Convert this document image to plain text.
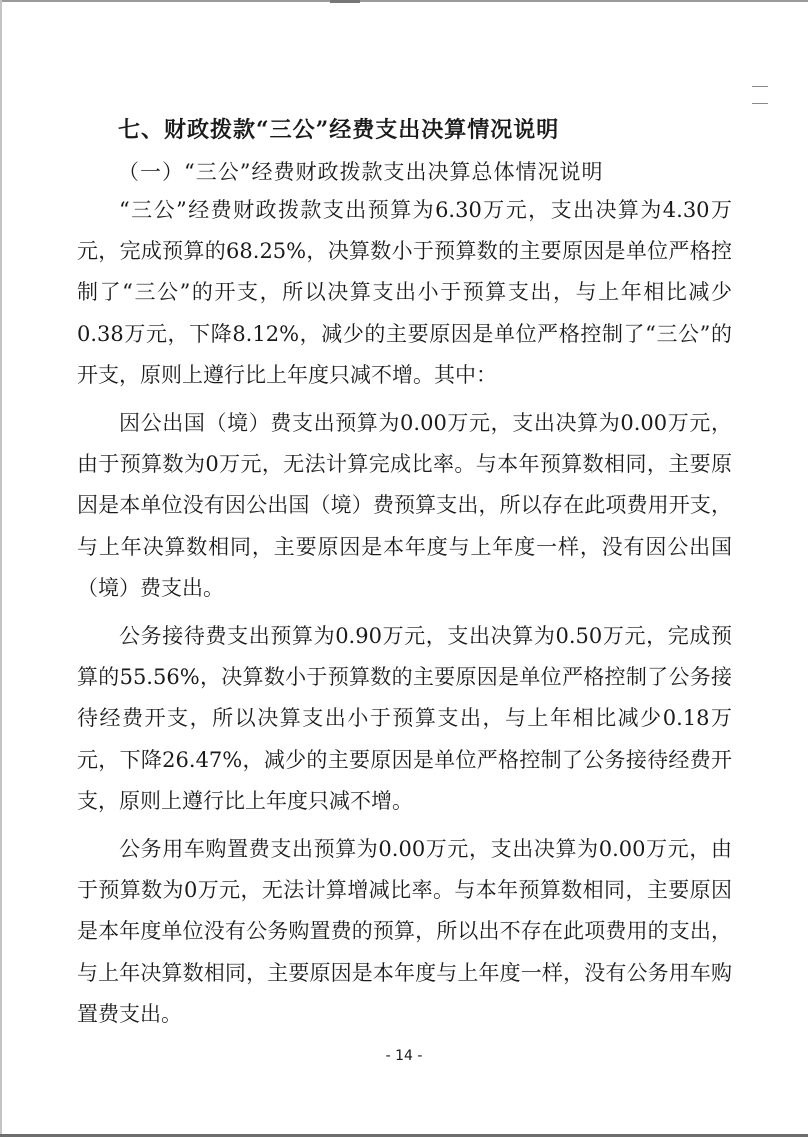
七、财政拨款“三公”经费支出决算情况说明
（一）“三公”经费财政拨款支出决算总体情况说明

“三公”经费财政拨款支出预算为6.30万元，支出决算为4.30万元，完成预算的68.25%，决算数小于预算数的主要原因是单位严格控制了“三公”的开支，所以决算支出小于预算支出，与上年相比减少0.38万元，下降8.12%，减少的主要原因是单位严格控制了“三公”的开支，原则上遵行比上年度只减不增。其中：

因公出国（境）费支出预算为0.00万元，支出决算为0.00万元，由于预算数为0万元，无法计算完成比率。与本年预算数相同，主要原因是本单位没有因公出国（境）费预算支出，所以存在此项费用开支，与上年决算数相同，主要原因是本年度与上年度一样，没有因公出国（境）费支出。

公务接待费支出预算为0.90万元，支出决算为0.50万元，完成预算的55.56%，决算数小于预算数的主要原因是单位严格控制了公务接待经费开支，所以决算支出小于预算支出，与上年相比减少0.18万元，下降26.47%，减少的主要原因是单位严格控制了公务接待经费开支，原则上遵行比上年度只减不增。

公务用车购置费支出预算为0.00万元，支出决算为0.00万元，由于预算数为0万元，无法计算增减比率。与本年预算数相同，主要原因是本年度单位没有公务购置费的预算，所以出不存在此项费用的支出，与上年决算数相同，主要原因是本年度与上年度一样，没有公务用车购置费支出。

- 14 -
